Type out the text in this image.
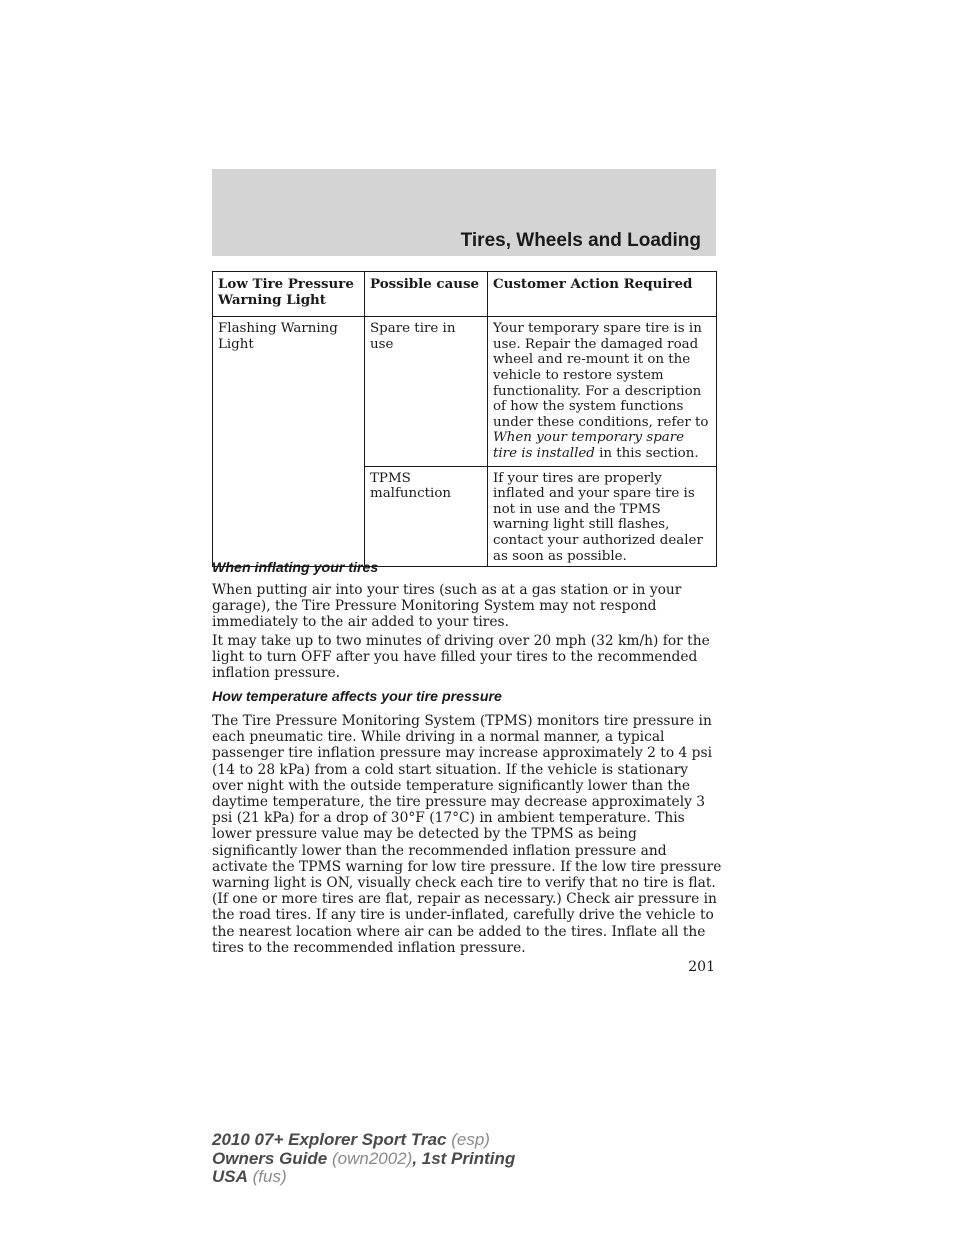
Tires, Wheels and Loading
Low Tire Pressure Warning Light	Possible cause	Customer Action Required
Flashing Warning Light	Spare tire in use	Your temporary spare tire is in use. Repair the damaged road wheel and re-mount it on the vehicle to restore system functionality. For a description of how the system functions under these conditions, refer to When your temporary spare tire is installed in this section.
	TPMS malfunction	If your tires are properly inflated and your spare tire is not in use and the TPMS warning light still flashes, contact your authorized dealer as soon as possible.
When inflating your tires

When putting air into your tires (such as at a gas station or in your garage), the Tire Pressure Monitoring System may not respond immediately to the air added to your tires.

It may take up to two minutes of driving over 20 mph (32 km/h) for the light to turn OFF after you have filled your tires to the recommended inflation pressure.

How temperature affects your tire pressure

The Tire Pressure Monitoring System (TPMS) monitors tire pressure in each pneumatic tire. While driving in a normal manner, a typical passenger tire inflation pressure may increase approximately 2 to 4 psi (14 to 28 kPa) from a cold start situation. If the vehicle is stationary over night with the outside temperature significantly lower than the daytime temperature, the tire pressure may decrease approximately 3 psi (21 kPa) for a drop of 30°F (17°C) in ambient temperature. This lower pressure value may be detected by the TPMS as being significantly lower than the recommended inflation pressure and activate the TPMS warning for low tire pressure. If the low tire pressure warning light is ON, visually check each tire to verify that no tire is flat. (If one or more tires are flat, repair as necessary.) Check air pressure in the road tires. If any tire is under-inflated, carefully drive the vehicle to the nearest location where air can be added to the tires. Inflate all the tires to the recommended inflation pressure.

201
2010 07+ Explorer Sport Trac (esp)
Owners Guide (own2002), 1st Printing
USA (fus)
